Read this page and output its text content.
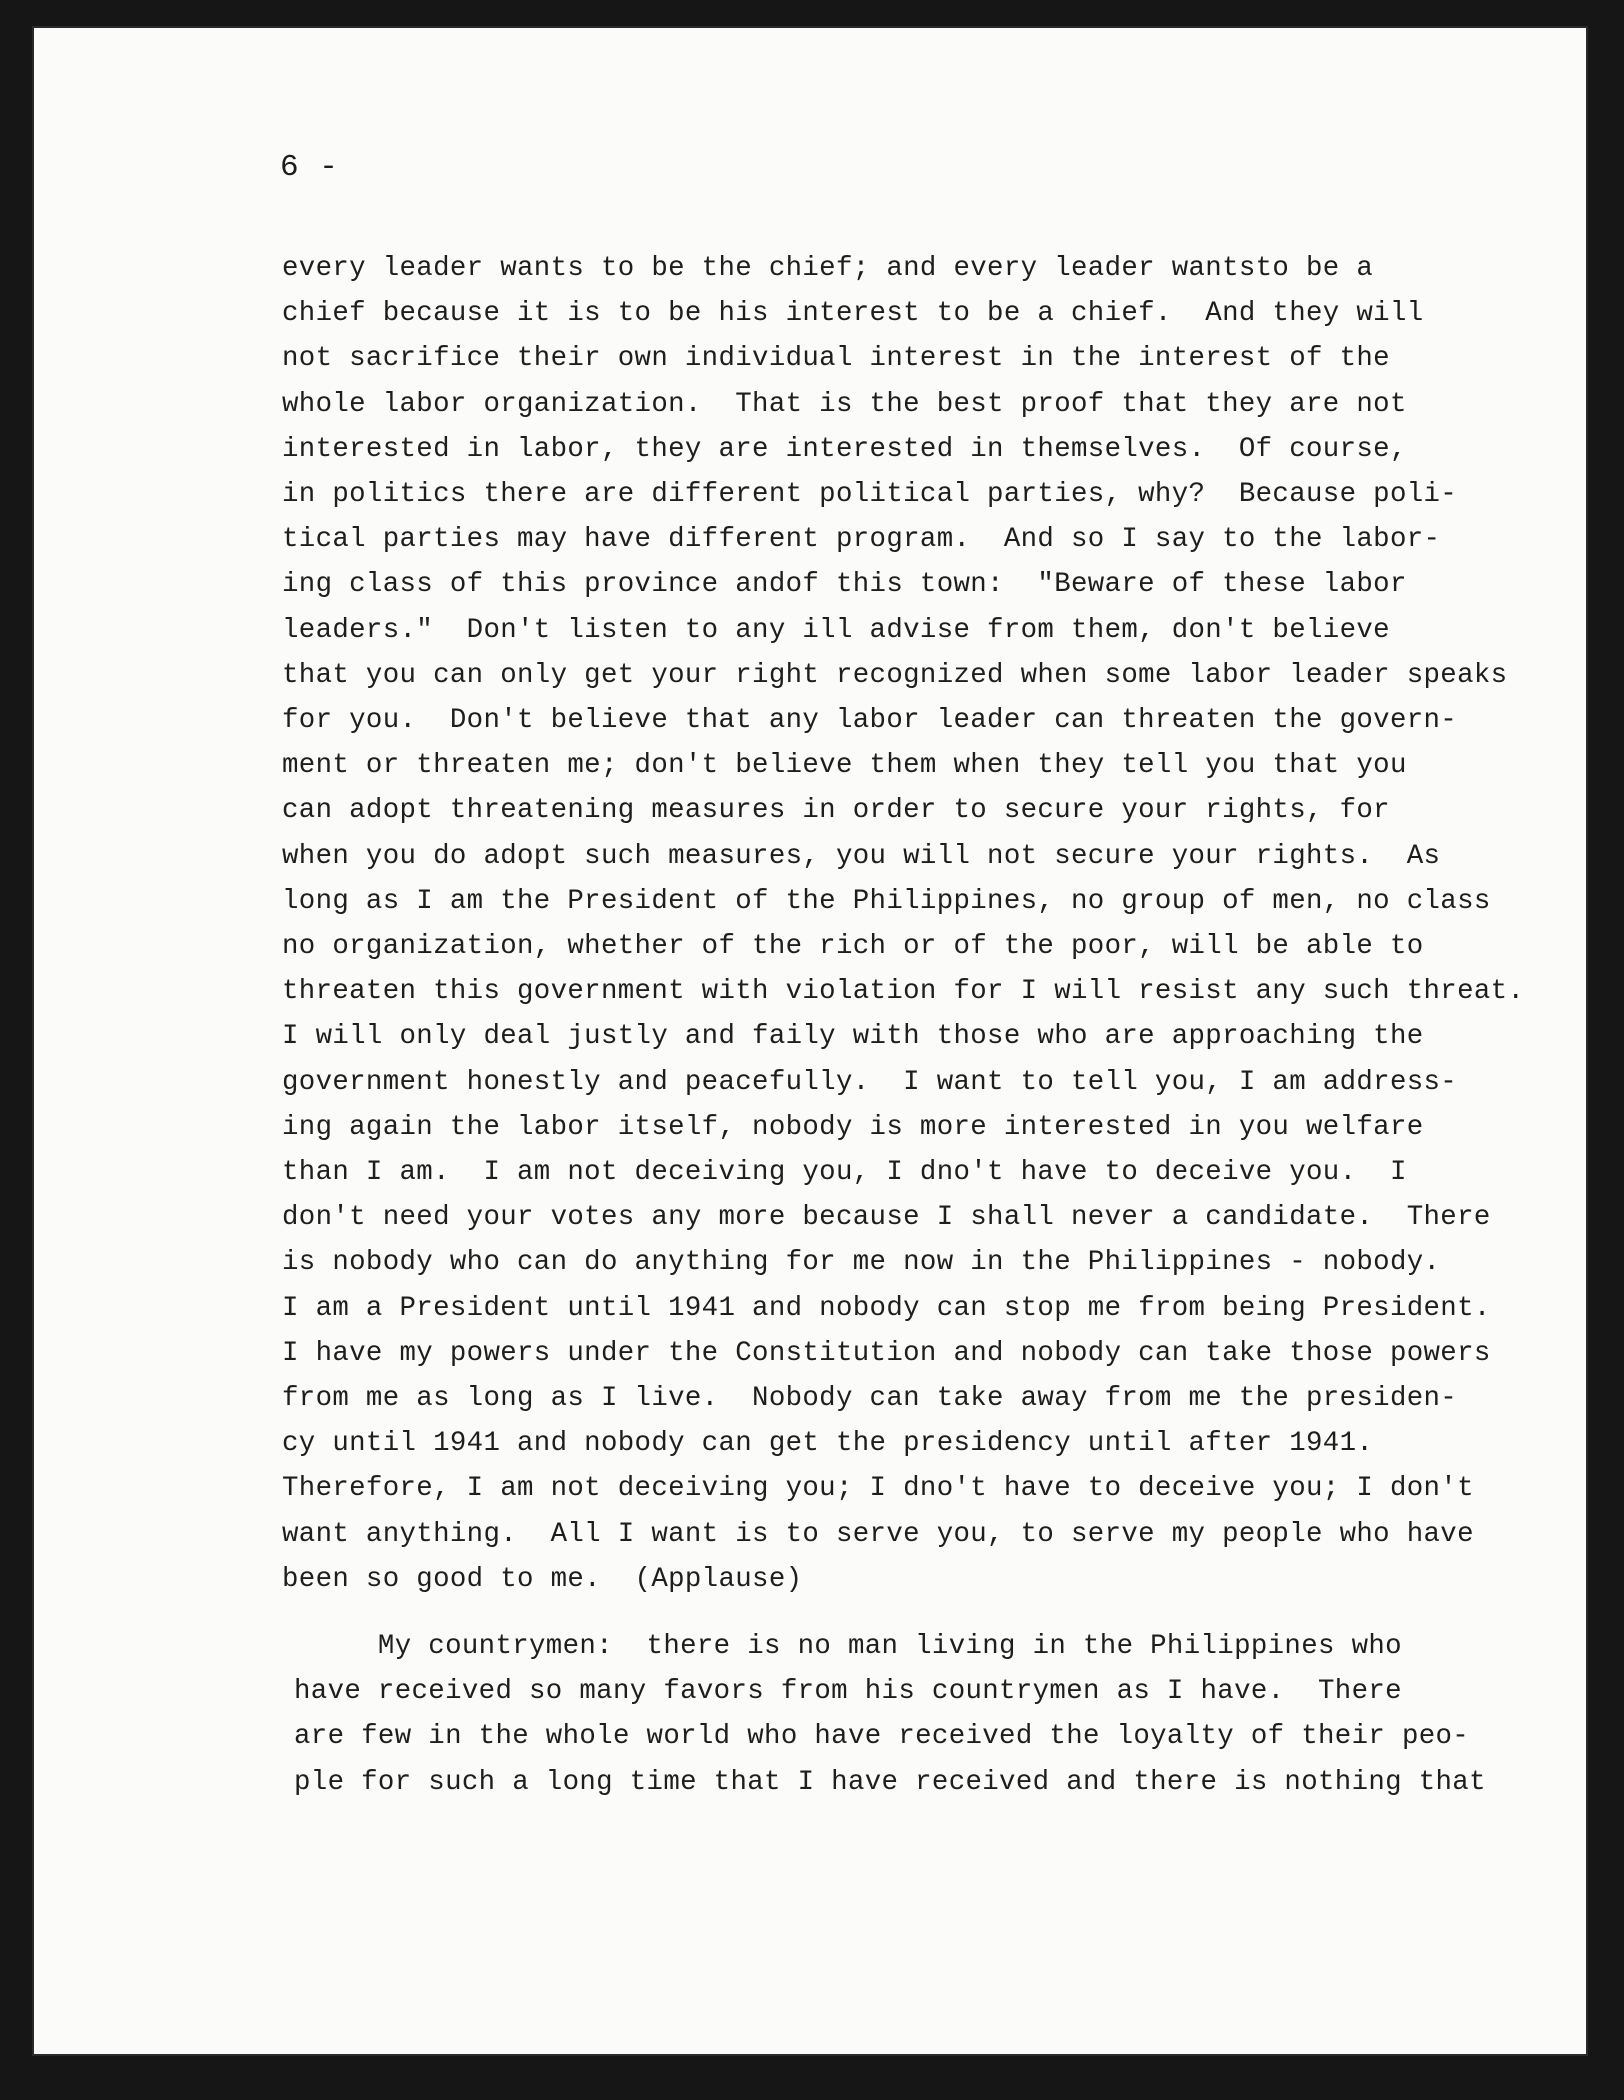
6 -
every leader wants to be the chief; and every leader wantsto be a
chief because it is to be his interest to be a chief.  And they will
not sacrifice their own individual interest in the interest of the
whole labor organization.  That is the best proof that they are not
interested in labor, they are interested in themselves.  Of course,
in politics there are different political parties, why?  Because poli-
tical parties may have different program.  And so I say to the labor-
ing class of this province andof this town:  "Beware of these labor
leaders."  Don't listen to any ill advise from them, don't believe
that you can only get your right recognized when some labor leader speaks
for you.  Don't believe that any labor leader can threaten the govern-
ment or threaten me; don't believe them when they tell you that you
can adopt threatening measures in order to secure your rights, for
when you do adopt such measures, you will not secure your rights.  As
long as I am the President of the Philippines, no group of men, no class
no organization, whether of the rich or of the poor, will be able to
threaten this government with violation for I will resist any such threat.
I will only deal justly and faily with those who are approaching the
government honestly and peacefully.  I want to tell you, I am address-
ing again the labor itself, nobody is more interested in you welfare
than I am.  I am not deceiving you, I dno't have to deceive you.  I
don't need your votes any more because I shall never a candidate.  There
is nobody who can do anything for me now in the Philippines - nobody.
I am a President until 1941 and nobody can stop me from being President.
I have my powers under the Constitution and nobody can take those powers
from me as long as I live.  Nobody can take away from me the presiden-
cy until 1941 and nobody can get the presidency until after 1941.
Therefore, I am not deceiving you; I dno't have to deceive you; I don't
want anything.  All I want is to serve you, to serve my people who have
been so good to me.  (Applause)
My countrymen:  there is no man living in the Philippines who
have received so many favors from his countrymen as I have.  There
are few in the whole world who have received the loyalty of their peo-
ple for such a long time that I have received and there is nothing that
